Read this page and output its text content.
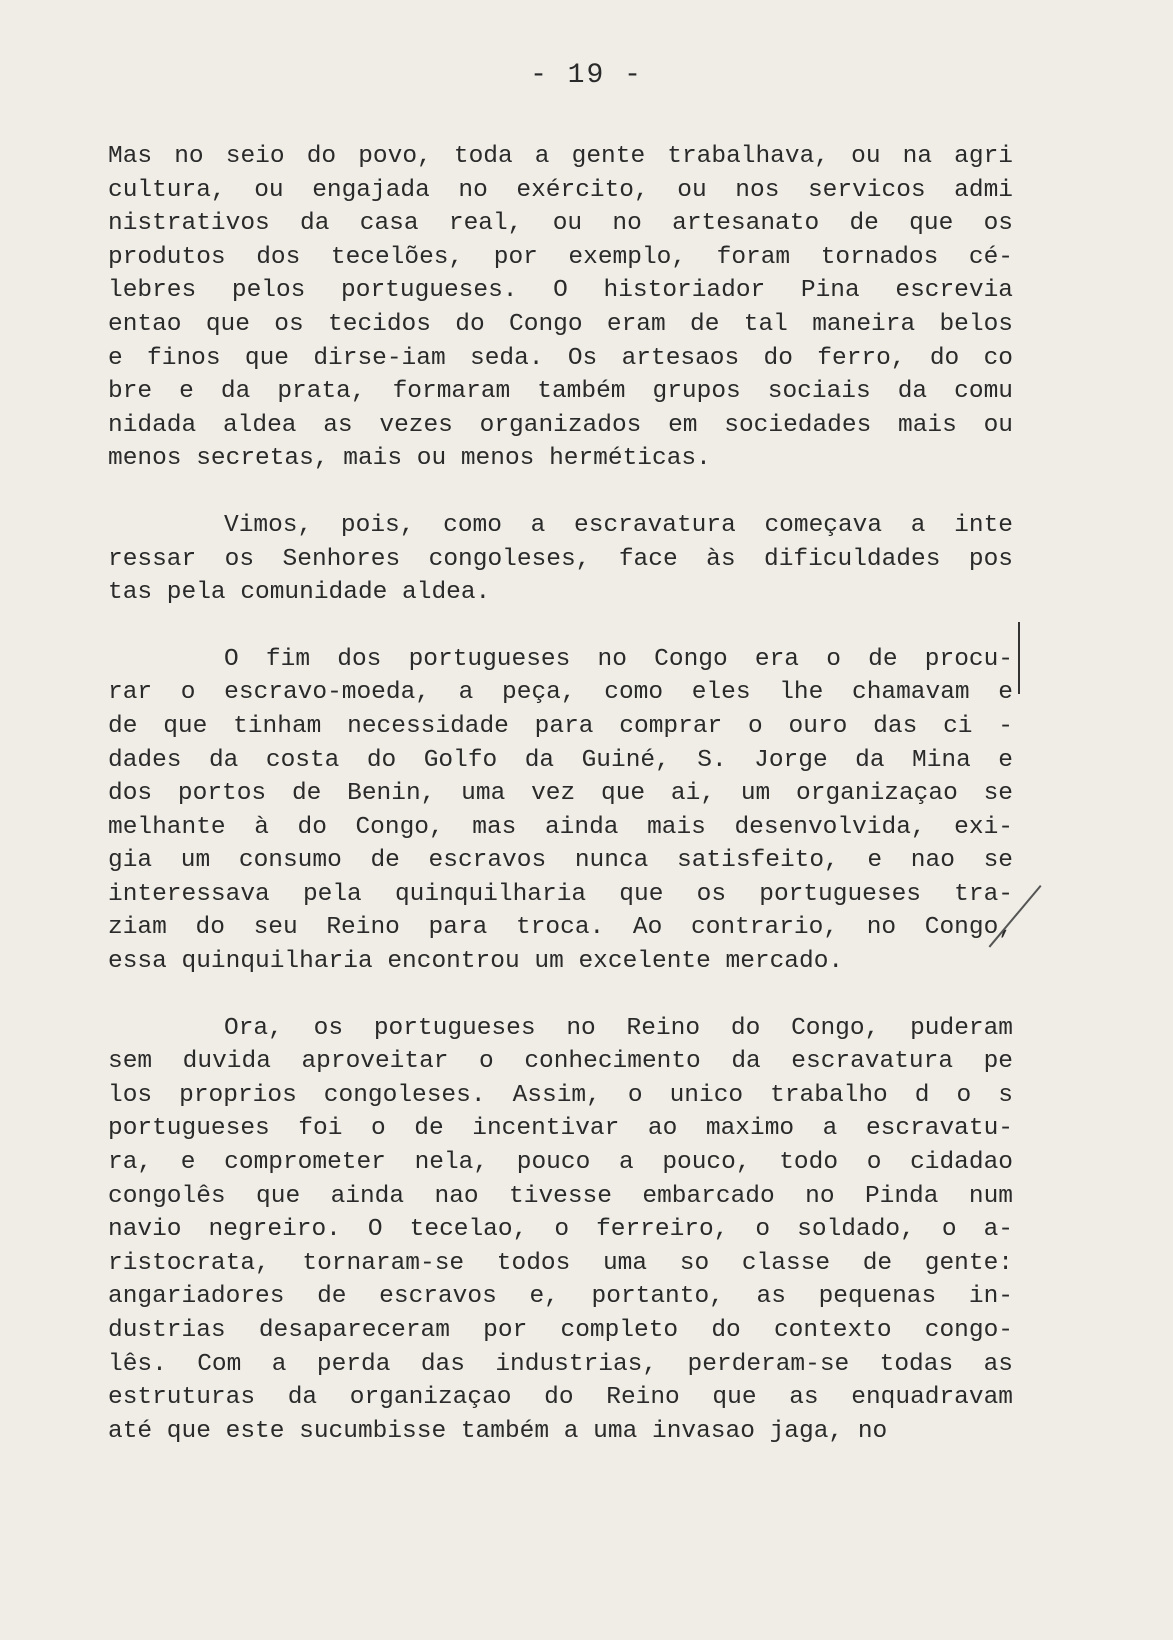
- 19 -
Mas no seio do povo, toda a gente trabalhava, ou na agri
cultura, ou engajada no exército, ou nos servicos admi
nistrativos da casa real, ou no artesanato de que os
produtos dos tecelões, por exemplo, foram tornados cé-
lebres pelos portugueses. O historiador Pina escrevia
entao que os tecidos do Congo eram de tal maneira belos
e finos que dirse-iam seda. Os artesaos do ferro, do co
bre e da prata, formaram também grupos sociais da comu
nidada aldea as vezes organizados em sociedades mais ou
menos secretas, mais ou menos herméticas.
Vimos, pois, como a escravatura começava a inte
ressar os Senhores congoleses, face às dificuldades pos
tas pela comunidade aldea.
O fim dos portugueses no Congo era o de procu-
rar o escravo-moeda, a peça, como eles lhe chamavam e
de que tinham necessidade para comprar o ouro das ci -
dades da costa do Golfo da Guiné, S. Jorge da Mina e
dos portos de Benin, uma vez que ai, um organizaçao se
melhante à do Congo, mas ainda mais desenvolvida, exi-
gia um consumo de escravos nunca satisfeito, e nao se
interessava pela quinquilharia que os portugueses tra-
ziam do seu Reino para troca. Ao contrario, no Congo,
essa quinquilharia encontrou um excelente mercado.
Ora, os portugueses no Reino do Congo, puderam
sem duvida aproveitar o conhecimento da escravatura pe
los proprios congoleses. Assim, o unico trabalho d o s
portugueses foi o de incentivar ao maximo a escravatu-
ra, e comprometer nela, pouco a pouco, todo o cidadao
congolês que ainda nao tivesse embarcado no Pinda num
navio negreiro. O tecelao, o ferreiro, o soldado, o a-
ristocrata, tornaram-se todos uma so classe de gente:
angariadores de escravos e, portanto, as pequenas in-
dustrias desapareceram por completo do contexto congo-
lês. Com a perda das industrias, perderam-se todas as
estruturas da organizaçao do Reino que as enquadravam
até que este sucumbisse também a uma invasao jaga, no
